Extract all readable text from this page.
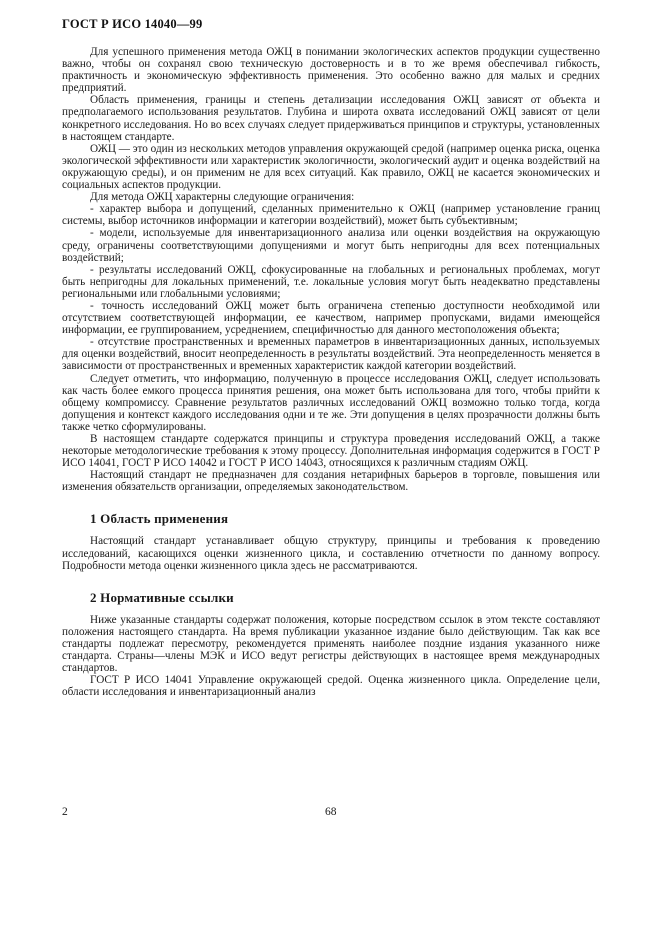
ГОСТ Р ИСО 14040—99

Для успешного применения метода ОЖЦ в понимании экологических аспектов продукции существенно важно, чтобы он сохранял свою техническую достоверность и в то же время обеспечивал гибкость, практичность и экономическую эффективность применения. Это особенно важно для малых и средних предприятий.

Область применения, границы и степень детализации исследования ОЖЦ зависят от объекта и предполагаемого использования результатов. Глубина и широта охвата исследований ОЖЦ зависят от цели конкретного исследования. Но во всех случаях следует придерживаться принципов и структуры, установленных в настоящем стандарте.

ОЖЦ — это один из нескольких методов управления окружающей средой (например оценка риска, оценка экологической эффективности или характеристик экологичности, экологический аудит и оценка воздействий на окружающую среды), и он применим не для всех ситуаций. Как правило, ОЖЦ не касается экономических и социальных аспектов продукции.

Для метода ОЖЦ характерны следующие ограничения:

- характер выбора и допущений, сделанных применительно к ОЖЦ (например установление границ системы, выбор источников информации и категории воздействий), может быть субъективным;

- модели, используемые для инвентаризационного анализа или оценки воздействия на окружающую среду, ограничены соответствующими допущениями и могут быть непригодны для всех потенциальных воздействий;

- результаты исследований ОЖЦ, сфокусированные на глобальных и региональных проблемах, могут быть непригодны для локальных применений, т.е. локальные условия могут быть неадекватно представлены региональными или глобальными условиями;

- точность исследований ОЖЦ может быть ограничена степенью доступности необходимой или отсутствием соответствующей информации, ее качеством, например пропусками, видами имеющейся информации, ее группированием, усреднением, специфичностью для данного местоположения объекта;

- отсутствие пространственных и временных параметров в инвентаризационных данных, используемых для оценки воздействий, вносит неопределенность в результаты воздействий. Эта неопределенность меняется в зависимости от пространственных и временных характеристик каждой категории воздействий.

Следует отметить, что информацию, полученную в процессе исследования ОЖЦ, следует использовать как часть более емкого процесса принятия решения, она может быть использована для того, чтобы прийти к общему компромиссу. Сравнение результатов различных исследований ОЖЦ возможно только тогда, когда допущения и контекст каждого исследования одни и те же. Эти допущения в целях прозрачности должны быть также четко сформулированы.

В настоящем стандарте содержатся принципы и структура проведения исследований ОЖЦ, а также некоторые методологические требования к этому процессу. Дополнительная информация содержится в ГОСТ Р ИСО 14041, ГОСТ Р ИСО 14042 и ГОСТ Р ИСО 14043, относящихся к различным стадиям ОЖЦ.

Настоящий стандарт не предназначен для создания нетарифных барьеров в торговле, повышения или изменения обязательств организации, определяемых законодательством.

1 Область применения

Настоящий стандарт устанавливает общую структуру, принципы и требования к проведению исследований, касающихся оценки жизненного цикла, и составлению отчетности по данному вопросу. Подробности метода оценки жизненного цикла здесь не рассматриваются.

2 Нормативные ссылки

Ниже указанные стандарты содержат положения, которые посредством ссылок в этом тексте составляют положения настоящего стандарта. На время публикации указанное издание было действующим. Так как все стандарты подлежат пересмотру, рекомендуется применять наиболее поздние издания указанного ниже стандарта. Страны—члены МЭК и ИСО ведут регистры действующих в настоящее время международных стандартов.

ГОСТ Р ИСО 14041 Управление окружающей средой. Оценка жизненного цикла. Определение цели, области исследования и инвентаризационный анализ

2	68
